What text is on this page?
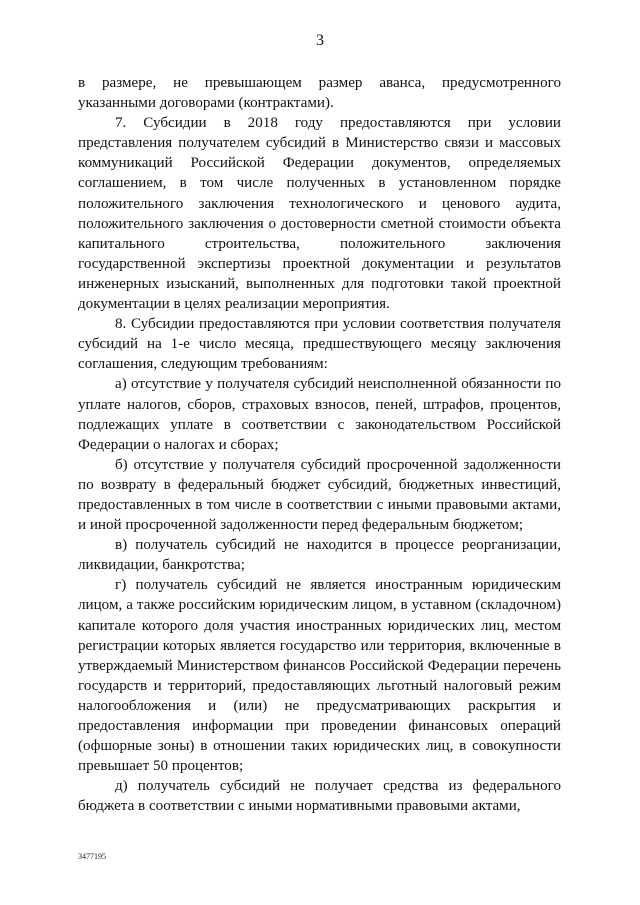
3

в размере, не превышающем размер аванса, предусмотренного указанными договорами (контрактами).

7. Субсидии в 2018 году предоставляются при условии представления получателем субсидий в Министерство связи и массовых коммуникаций Российской Федерации документов, определяемых соглашением, в том числе полученных в установленном порядке положительного заключения технологического и ценового аудита, положительного заключения о достоверности сметной стоимости объекта капитального строительства, положительного заключения государственной экспертизы проектной документации и результатов инженерных изысканий, выполненных для подготовки такой проектной документации в целях реализации мероприятия.

8. Субсидии предоставляются при условии соответствия получателя субсидий на 1-е число месяца, предшествующего месяцу заключения соглашения, следующим требованиям:

а) отсутствие у получателя субсидий неисполненной обязанности по уплате налогов, сборов, страховых взносов, пеней, штрафов, процентов, подлежащих уплате в соответствии с законодательством Российской Федерации о налогах и сборах;

б) отсутствие у получателя субсидий просроченной задолженности по возврату в федеральный бюджет субсидий, бюджетных инвестиций, предоставленных в том числе в соответствии с иными правовыми актами, и иной просроченной задолженности перед федеральным бюджетом;

в) получатель субсидий не находится в процессе реорганизации, ликвидации, банкротства;

г) получатель субсидий не является иностранным юридическим лицом, а также российским юридическим лицом, в уставном (складочном) капитале которого доля участия иностранных юридических лиц, местом регистрации которых является государство или территория, включенные в утверждаемый Министерством финансов Российской Федерации перечень государств и территорий, предоставляющих льготный налоговый режим налогообложения и (или) не предусматривающих раскрытия и предоставления информации при проведении финансовых операций (офшорные зоны) в отношении таких юридических лиц, в совокупности превышает 50 процентов;

д) получатель субсидий не получает средства из федерального бюджета в соответствии с иными нормативными правовыми актами,

3477195
